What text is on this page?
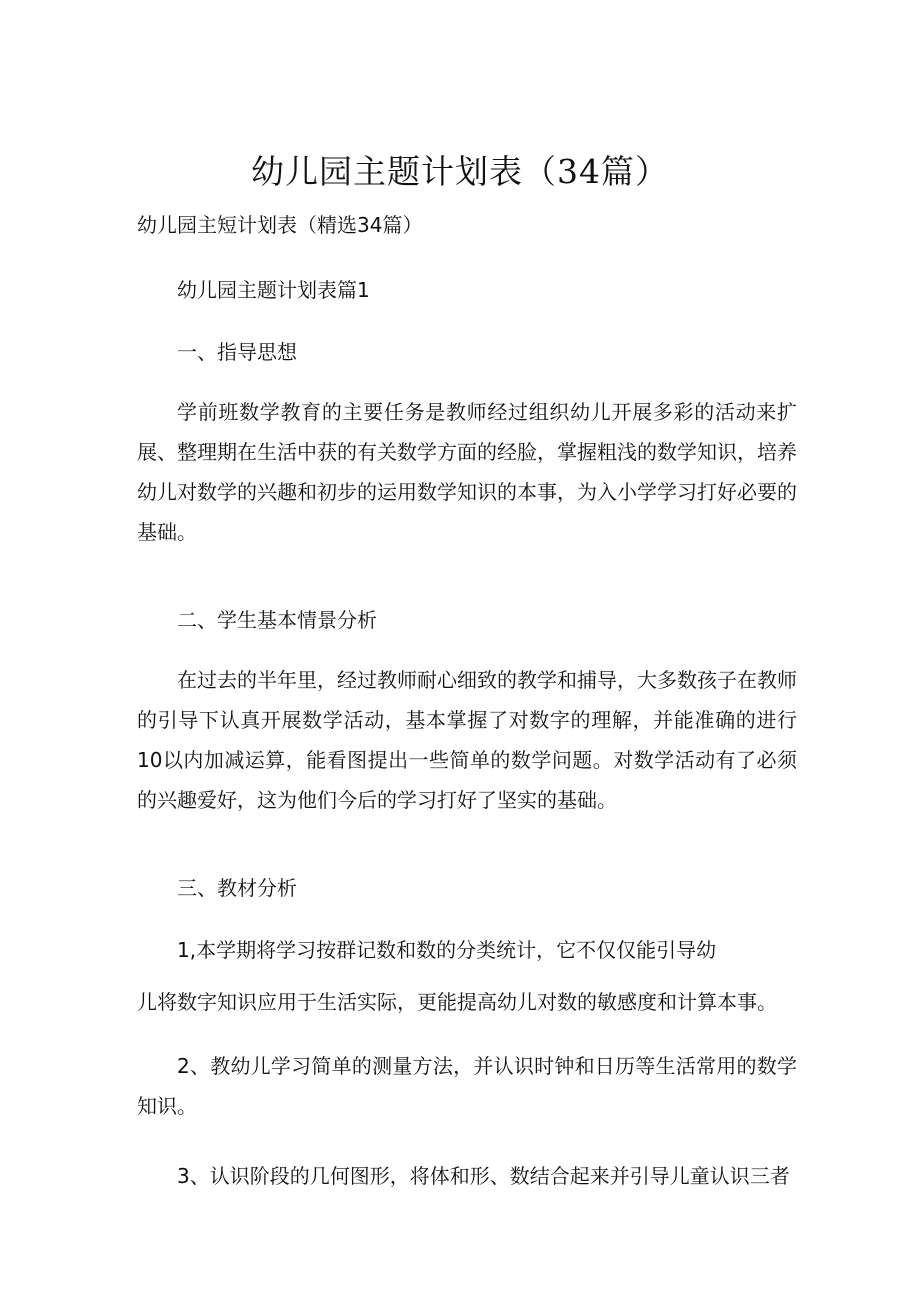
幼儿园主题计划表（34篇）

幼儿园主短计划表（精选34篇）

幼儿园主题计划表篇1

一、指导思想

学前班数学教育的主要任务是教师经过组织幼儿开展多彩的活动来扩展、整理期在生活中获的有关数学方面的经脸，掌握粗浅的数学知识，培养幼儿对数学的兴趣和初步的运用数学知识的本事，为入小学学习打好必要的基础。

二、学生基本情景分析

在过去的半年里，经过教师耐心细致的教学和捕导，大多数孩子在教师的引导下认真开展数学活动，基本掌握了对数字的理解，并能准确的进行10以内加减运算，能看图提出一些简单的数学问题。对数学活动有了必须的兴趣爱好，这为他们今后的学习打好了坚实的基础。

三、教材分析

1,本学期将学习按群记数和数的分类统计，它不仅仅能引导幼

儿将数字知识应用于生活实际，更能提高幼儿对数的敏感度和计算本事。

2、教幼儿学习简单的测量方法，并认识时钟和日历等生活常用的数学知识。

3、认识阶段的几何图形，将体和形、数结合起来并引导儿童认识三者
